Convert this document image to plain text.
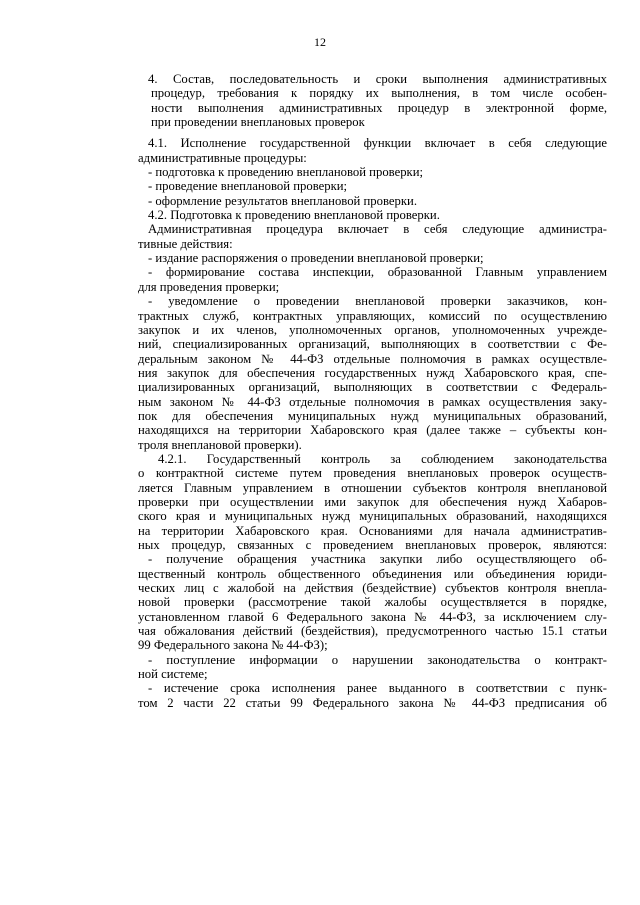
12
4. Состав, последовательность и сроки выполнения административных
процедур, требования к порядку их выполнения, в том числе особен-
ности выполнения административных процедур в электронной форме,
при проведении внеплановых проверок
4.1. Исполнение государственной функции включает в себя следующие
административные процедуры:
- подготовка к проведению внеплановой проверки;
- проведение внеплановой проверки;
- оформление результатов внеплановой проверки.
4.2. Подготовка к проведению внеплановой проверки.
Административная процедура включает в себя следующие администра-
тивные действия:
- издание распоряжения о проведении внеплановой проверки;
- формирование состава инспекции, образованной Главным управлением
для проведения проверки;
- уведомление о проведении внеплановой проверки заказчиков, кон-
трактных служб, контрактных управляющих, комиссий по осуществлению
закупок и их членов, уполномоченных органов, уполномоченных учрежде-
ний, специализированных организаций, выполняющих в соответствии с Фе-
деральным законом № 44-ФЗ отдельные полномочия в рамках осуществле-
ния закупок для обеспечения государственных нужд Хабаровского края, спе-
циализированных организаций, выполняющих в соответствии с Федераль-
ным законом № 44-ФЗ отдельные полномочия в рамках осуществления заку-
пок для обеспечения муниципальных нужд муниципальных образований,
находящихся на территории Хабаровского края (далее также – субъекты кон-
троля внеплановой проверки).
4.2.1. Государственный контроль за соблюдением законодательства
о контрактной системе путем проведения внеплановых проверок осуществ-
ляется Главным управлением в отношении субъектов контроля внеплановой
проверки при осуществлении ими закупок для обеспечения нужд Хабаров-
ского края и муниципальных нужд муниципальных образований, находящихся
на территории Хабаровского края. Основаниями для начала административ-
ных процедур, связанных с проведением внеплановых проверок, являются:
- получение обращения участника закупки либо осуществляющего об-
щественный контроль общественного объединения или объединения юриди-
ческих лиц с жалобой на действия (бездействие) субъектов контроля внепла-
новой проверки (рассмотрение такой жалобы осуществляется в порядке,
установленном главой 6 Федерального закона № 44-ФЗ, за исключением слу-
чая обжалования действий (бездействия), предусмотренного частью 15.1 статьи
99 Федерального закона № 44-ФЗ);
- поступление информации о нарушении законодательства о контракт-
ной системе;
- истечение срока исполнения ранее выданного в соответствии с пунк-
том 2 части 22 статьи 99 Федерального закона № 44-ФЗ предписания об
